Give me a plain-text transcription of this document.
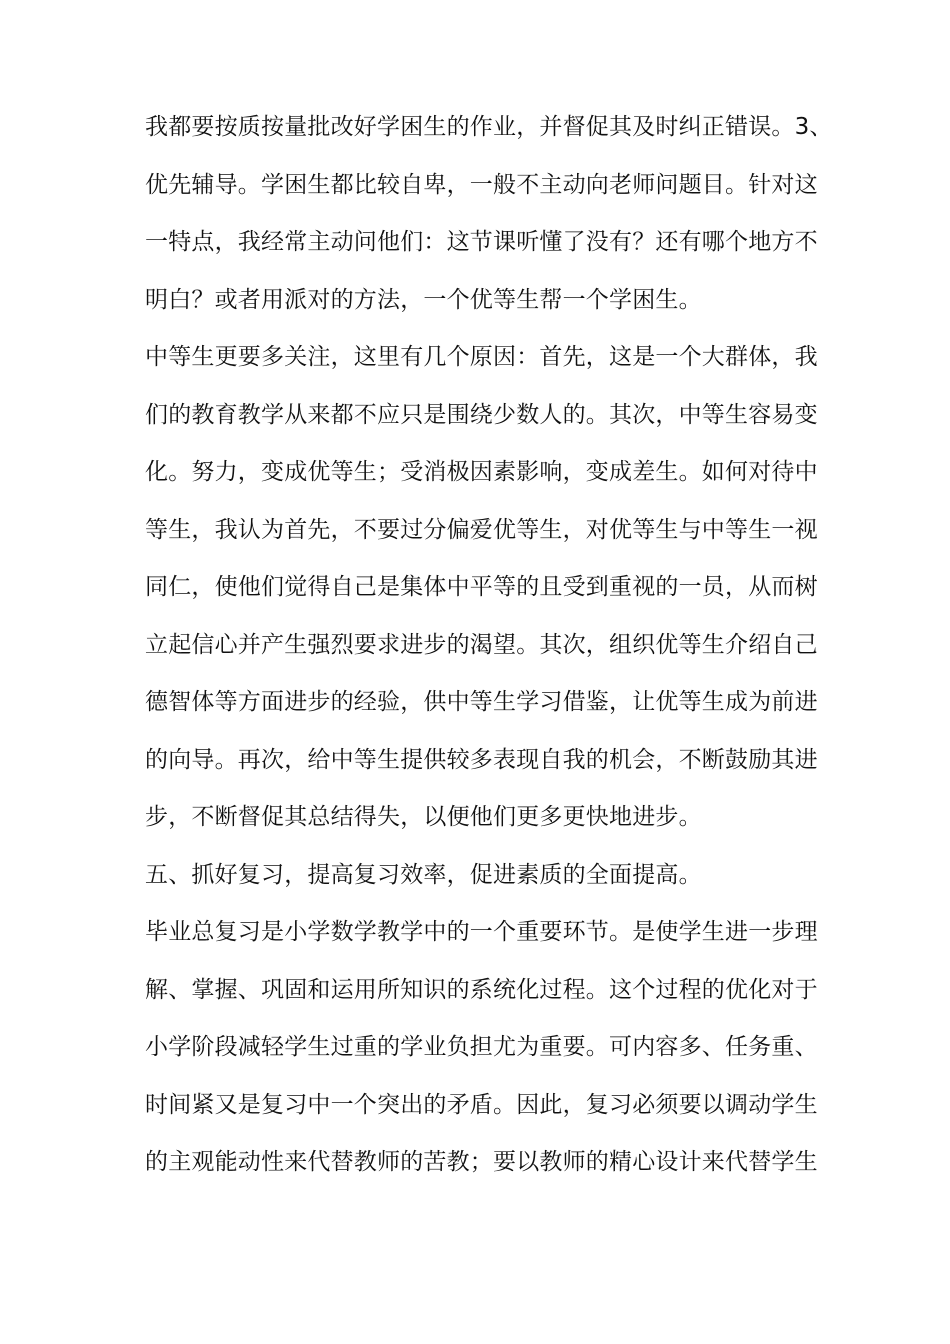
我都要按质按量批改好学困生的作业，并督促其及时纠正错误。3、
优先辅导。学困生都比较自卑，一般不主动向老师问题目。针对这
一特点，我经常主动问他们：这节课听懂了没有？还有哪个地方不
明白？或者用派对的方法，一个优等生帮一个学困生。
中等生更要多关注，这里有几个原因：首先，这是一个大群体，我
们的教育教学从来都不应只是围绕少数人的。其次，中等生容易变
化。努力，变成优等生；受消极因素影响，变成差生。如何对待中
等生，我认为首先，不要过分偏爱优等生，对优等生与中等生一视
同仁，使他们觉得自己是集体中平等的且受到重视的一员，从而树
立起信心并产生强烈要求进步的渴望。其次，组织优等生介绍自己
德智体等方面进步的经验，供中等生学习借鉴，让优等生成为前进
的向导。再次，给中等生提供较多表现自我的机会，不断鼓励其进
步，不断督促其总结得失，以便他们更多更快地进步。
五、抓好复习，提高复习效率，促进素质的全面提高。
毕业总复习是小学数学教学中的一个重要环节。是使学生进一步理
解、掌握、巩固和运用所知识的系统化过程。这个过程的优化对于
小学阶段减轻学生过重的学业负担尤为重要。可内容多、任务重、
时间紧又是复习中一个突出的矛盾。因此，复习必须要以调动学生
的主观能动性来代替教师的苦教；要以教师的精心设计来代替学生
